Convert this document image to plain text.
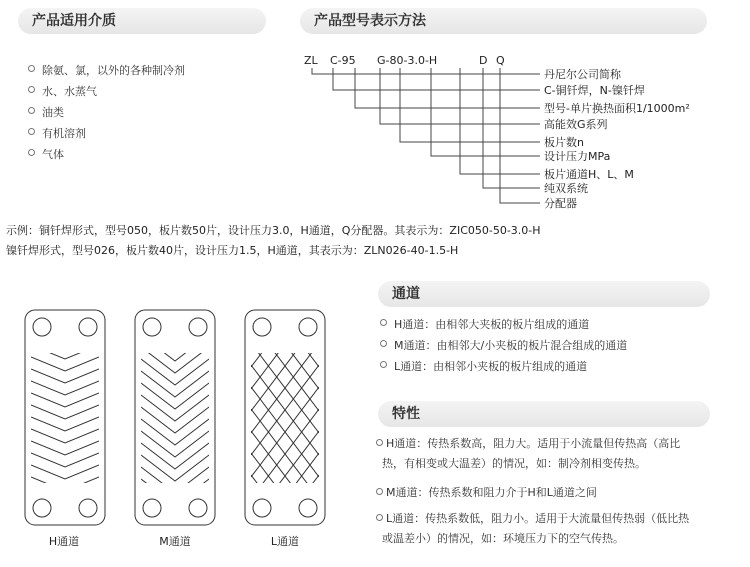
产品适用介质
除氨、氯，以外的各种制冷剂
水、水蒸气
油类
有机溶剂
气体
产品型号表示方法
ZL C-95 G-80-3.0-H	D Q
丹尼尔公司简称
C-铜钎焊，N-镍钎焊
型号-单片换热面积1/1000m²
高能效G系列
板片数n
设计压力MPa
板片通道H、L、M
纯双系统
分配器
示例：铜钎焊形式，型号050，板片数50片，设计压力3.0，H通道，Q分配器。其表示为：ZIC050-50-3.0-H
镍钎焊形式，型号026，板片数40片，设计压力1.5，H通道，其表示为：ZLN026-40-1.5-H
通道
H通道：由相邻大夹板的板片组成的通道
M通道：由相邻大/小夹板的板片混合组成的通道
L通道：由相邻小夹板的板片组成的通道
特性
H通道：传热系数高，阻力大。适用于小流量但传热高（高比
热，有相变或大温差）的情况，如：制冷剂相变传热。
M通道：传热系数和阻力介于H和L通道之间
L通道：传热系数低，阻力小。适用于大流量但传热弱（低比热
或温差小）的情况，如：环境压力下的空气传热。
H通道	M通道	L通道
